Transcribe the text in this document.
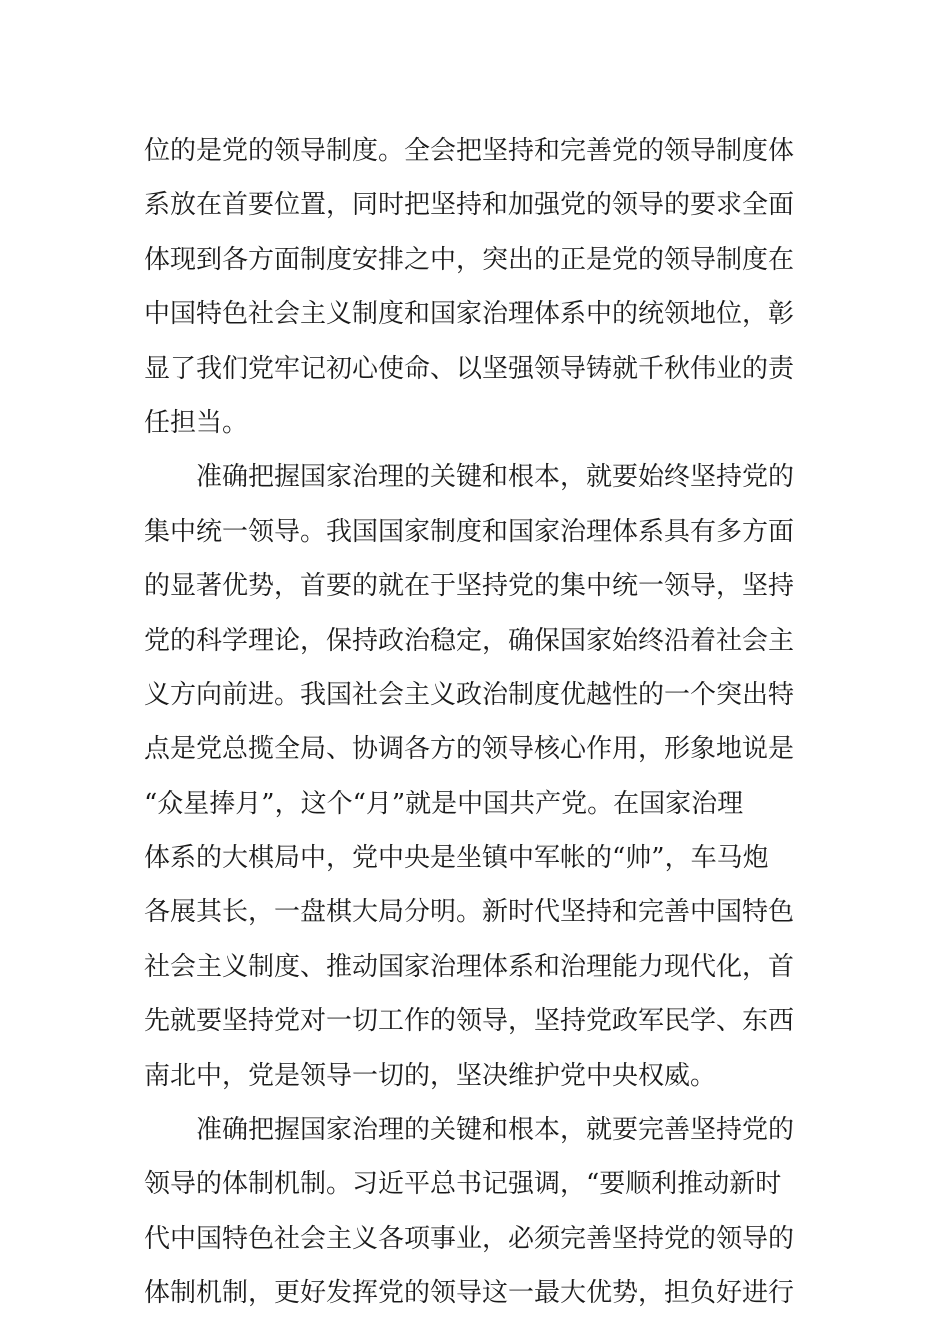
位的是党的领导制度。全会把坚持和完善党的领导制度体
系放在首要位置，同时把坚持和加强党的领导的要求全面
体现到各方面制度安排之中，突出的正是党的领导制度在
中国特色社会主义制度和国家治理体系中的统领地位，彰
显了我们党牢记初心使命、以坚强领导铸就千秋伟业的责
任担当。
　　准确把握国家治理的关键和根本，就要始终坚持党的
集中统一领导。我国国家制度和国家治理体系具有多方面
的显著优势，首要的就在于坚持党的集中统一领导，坚持
党的科学理论，保持政治稳定，确保国家始终沿着社会主
义方向前进。我国社会主义政治制度优越性的一个突出特
点是党总揽全局、协调各方的领导核心作用，形象地说是
“众星捧月”，这个“月”就是中国共产党。在国家治理
体系的大棋局中，党中央是坐镇中军帐的“帅”，车马炮
各展其长，一盘棋大局分明。新时代坚持和完善中国特色
社会主义制度、推动国家治理体系和治理能力现代化，首
先就要坚持党对一切工作的领导，坚持党政军民学、东西
南北中，党是领导一切的，坚决维护党中央权威。
　　准确把握国家治理的关键和根本，就要完善坚持党的
领导的体制机制。习近平总书记强调，“要顺利推动新时
代中国特色社会主义各项事业，必须完善坚持党的领导的
体制机制，更好发挥党的领导这一最大优势，担负好进行
